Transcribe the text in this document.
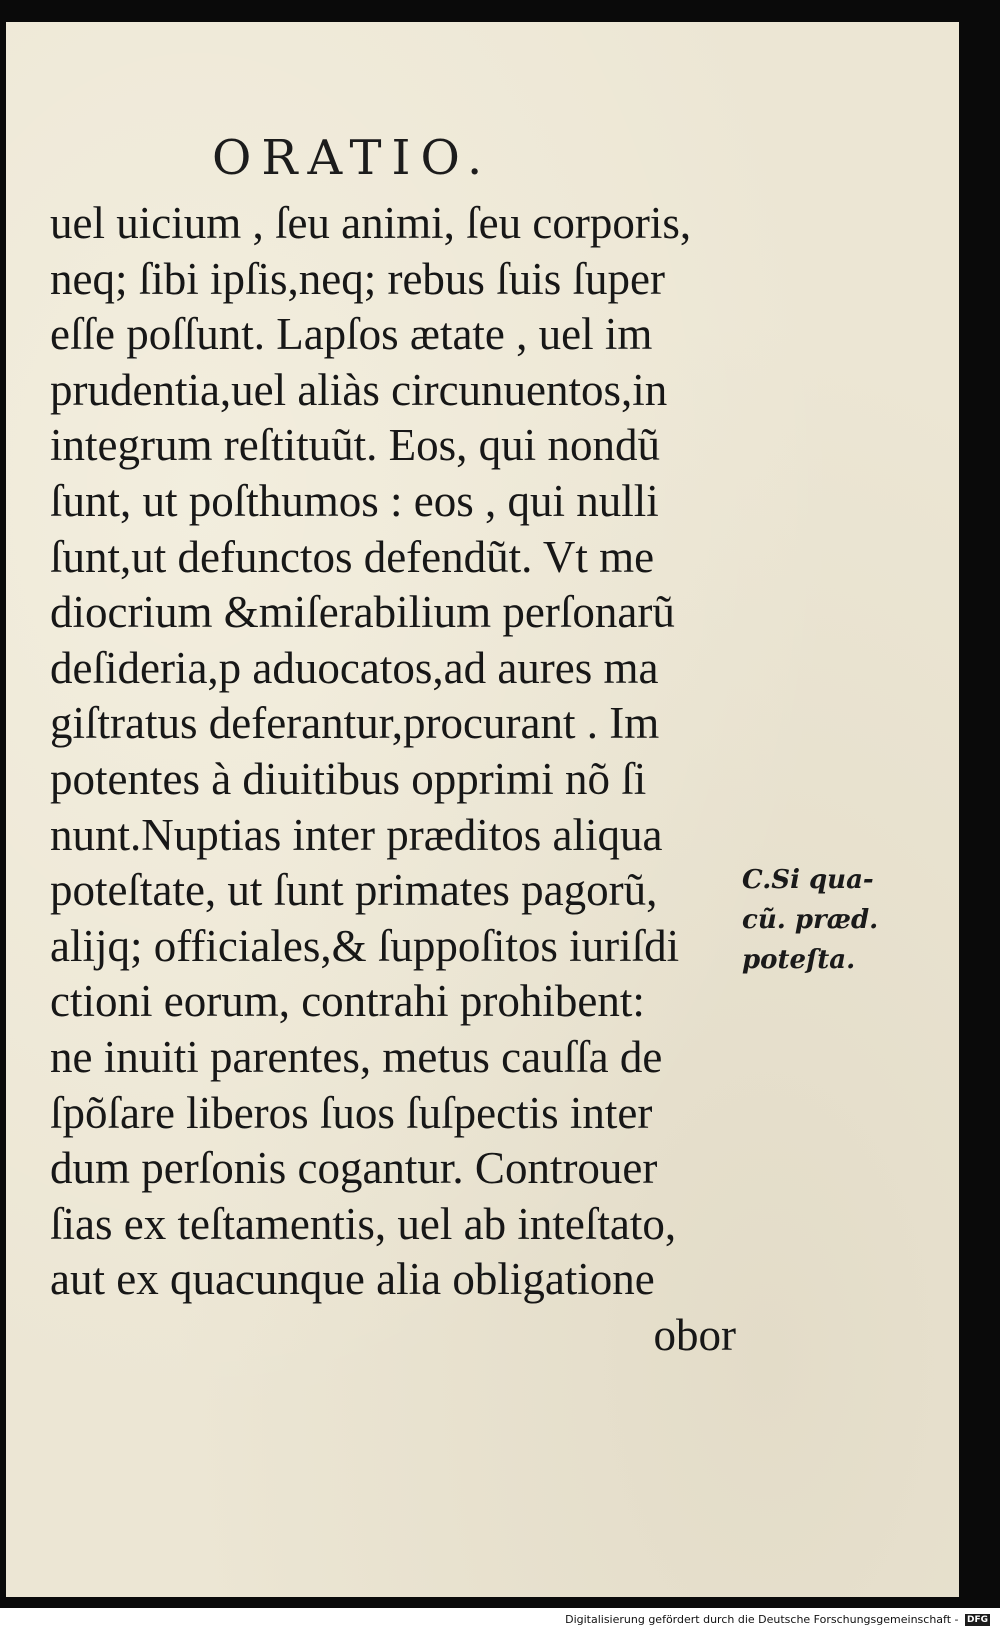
ORATIO.
uel uicium , ſeu animi, ſeu corporis,
neq; ſibi ipſis,neq; rebus ſuis ſuper
eſſe poſſunt. Lapſos ætate , uel im
prudentia,uel aliàs circunuentos,in
integrum reſtituũt. Eos, qui nondũ
ſunt, ut poſthumos : eos , qui nulli
ſunt,ut defunctos defendũt. Vt me
diocrium &miſerabilium perſonarũ
deſideria,p aduocatos,ad aures ma
giſtratus deferantur,procurant . Im
potentes à diuitibus opprimi nõ ſi
nunt.Nuptias inter præditos aliqua
poteſtate, ut ſunt primates pagorũ,
alijq; officiales,& ſuppoſitos iuriſdi
ctioni eorum, contrahi prohibent:
ne inuiti parentes, metus cauſſa de
ſpõſare liberos ſuos ſuſpectis inter
dum perſonis cogantur. Controuer
ſias ex teſtamentis, uel ab inteſtato,
aut ex quacunque alia obligatione
obor
C.Si qua-
cũ. præd.
poteſta.
Digitalisierung gefördert durch die Deutsche Forschungsgemeinschaft - DFG
